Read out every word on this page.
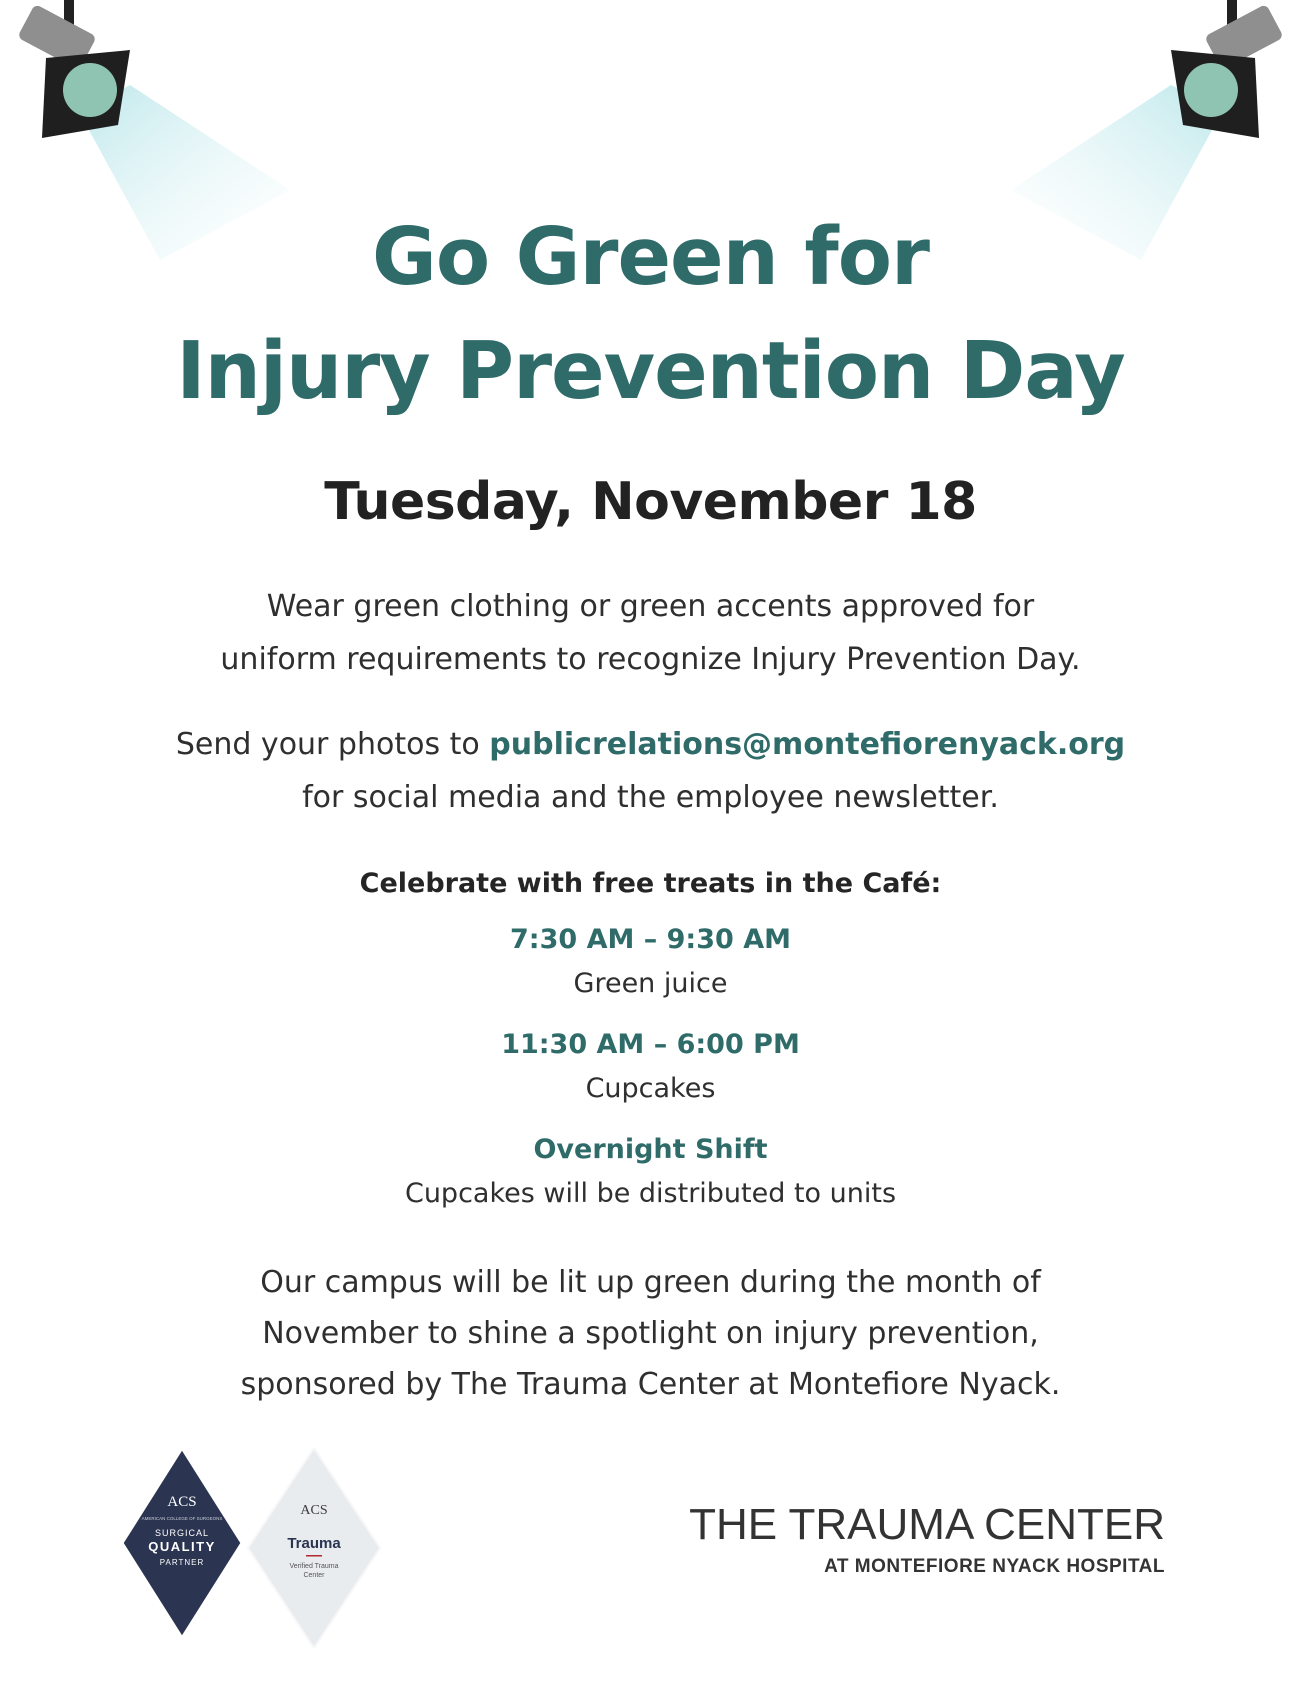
Go Green for
Injury Prevention Day
Tuesday, November 18
Wear green clothing or green accents approved for
uniform requirements to recognize Injury Prevention Day.
Send your photos to publicrelations@montefiorenyack.org
for social media and the employee newsletter.
Celebrate with free treats in the Café:
7:30 AM – 9:30 AM
Green juice
11:30 AM – 6:00 PM
Cupcakes
Overnight Shift
Cupcakes will be distributed to units
Our campus will be lit up green during the month of
November to shine a spotlight on injury prevention,
sponsored by The Trauma Center at Montefiore Nyack.
ACS
Trauma
Verified Trauma
Center
ACS
AMERICAN COLLEGE OF SURGEONS
SURGICAL
QUALITY
PARTNER
THE TRAUMA CENTER
AT MONTEFIORE NYACK HOSPITAL
